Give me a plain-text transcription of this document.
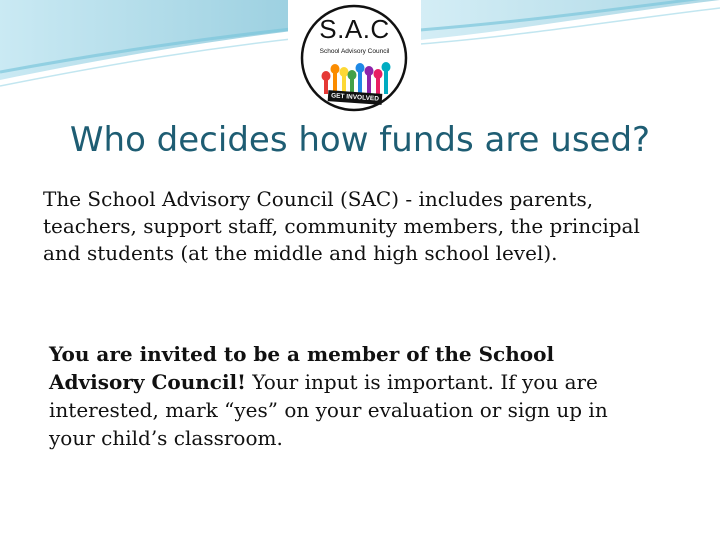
S.A.C
School Advisory Council
GET INVOLVED
Who decides how funds are used?
The School Advisory Council (SAC) - includes parents, teachers, support staff, community members, the principal and students (at the middle and high school level).
You are invited to be a member of the School Advisory Council! Your input is important. If you are interested, mark “yes” on your evaluation or sign up in your child’s classroom.
